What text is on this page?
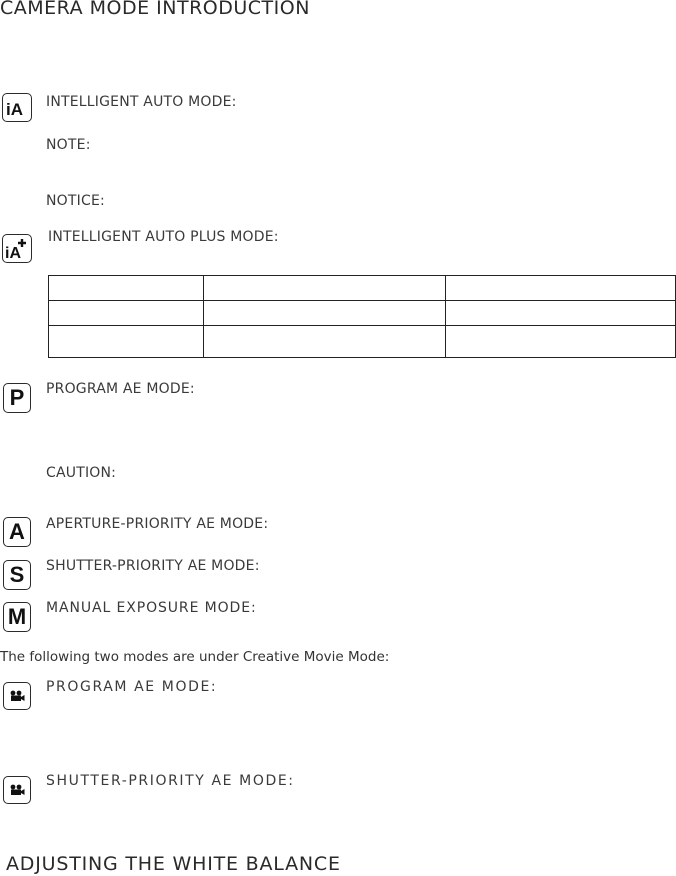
CAMERA MODE INTRODUCTION
iA INTELLIGENT AUTO MODE:
NOTE:
NOTICE:
iA
INTELLIGENT AUTO PLUS MODE:

P	PROGRAM AE MODE:
CAUTION:
A	APERTURE-PRIORITY AE MODE:
S	SHUTTER-PRIORITY AE MODE:
M	MANUAL EXPOSURE MODE:
The following two modes are under Creative Movie Mode:
PROGRAM AE MODE:
SHUTTER-PRIORITY AE MODE:
ADJUSTING THE WHITE BALANCE
